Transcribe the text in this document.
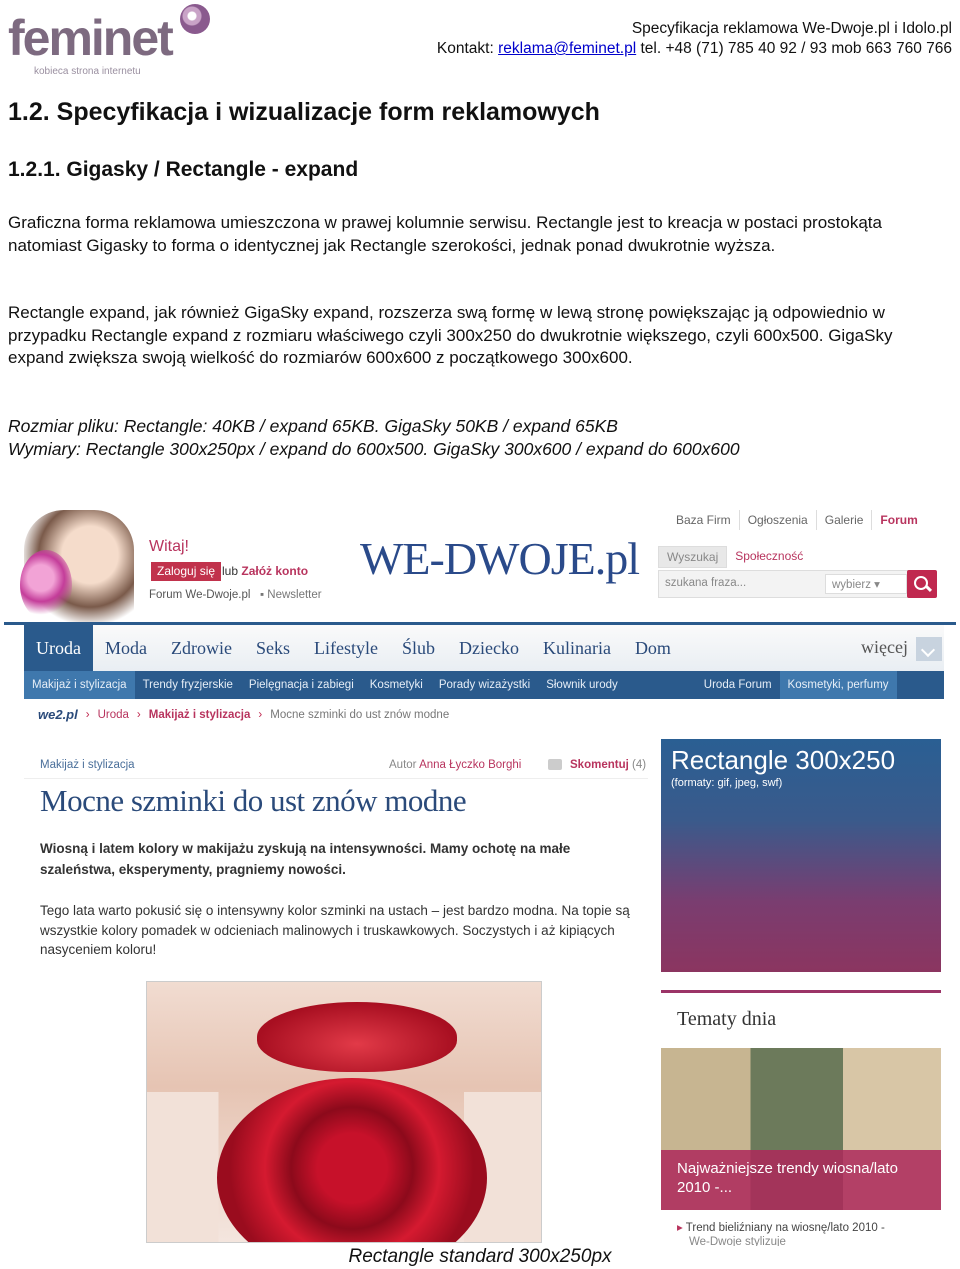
feminet
kobieca strona internetu
Specyfikacja reklamowa We-Dwoje.pl i Idolo.pl
Kontakt: reklama@feminet.pl tel. +48 (71) 785 40 92 / 93 mob 663 760 766
1.2. Specyfikacja i wizualizacje form reklamowych
1.2.1. Gigasky / Rectangle - expand
Graficzna forma reklamowa umieszczona w prawej kolumnie serwisu. Rectangle jest to kreacja w postaci prostokąta natomiast Gigasky to forma o identycznej jak Rectangle szerokości, jednak ponad dwukrotnie wyższa.
Rectangle expand, jak również GigaSky expand, rozszerza swą formę w lewą stronę powiększając ją odpowiednio w przypadku Rectangle expand z rozmiaru właściwego czyli 300x250 do dwukrotnie większego, czyli 600x500. GigaSky expand zwiększa swoją wielkość do rozmiarów 600x600 z początkowego 300x600.
Rozmiar pliku: Rectangle: 40KB / expand 65KB. GigaSky 50KB / expand 65KB
Wymiary: Rectangle 300x250px / expand do 600x500. GigaSky 300x600 / expand do 600x600
Witaj!
Zaloguj się lub Załóż konto
Forum We-Dwoje.pl ▪ Newsletter
WE-DWOJE.pl
Baza Firm	Ogłoszenia	Galerie	Forum
Wyszukaj	Społeczność
szukana fraza...	wybierz ▾
Uroda	Moda	Zdrowie	Seks	Lifestyle	Ślub	Dziecko	Kulinaria	Dom	więcej
Makijaż i stylizacja	Trendy fryzjerskie	Pielęgnacja i zabiegi	Kosmetyki	Porady wizażystki	Słownik urody	Uroda Forum	Kosmetyki, perfumy
we2.pl › Uroda › Makijaż i stylizacja › Mocne szminki do ust znów modne
Makijaż i stylizacja	Autor Anna Łyczko Borghi	Skomentuj (4)
Mocne szminki do ust znów modne
Wiosną i latem kolory w makijażu zyskują na intensywności. Mamy ochotę na małe szaleństwa, eksperymenty, pragniemy nowości.
Tego lata warto pokusić się o intensywny kolor szminki na ustach – jest bardzo modna. Na topie są wszystkie kolory pomadek w odcieniach malinowych i truskawkowych. Soczystych i aż kipiących nasyceniem koloru!
Rectangle 300x250
(formaty: gif, jpeg, swf)
Tematy dnia
Najważniejsze trendy wiosna/lato 2010 -...
▸ Trend bieliźniany na wiosnę/lato 2010 -
We-Dwoje stylizuje
Rectangle standard 300x250px
